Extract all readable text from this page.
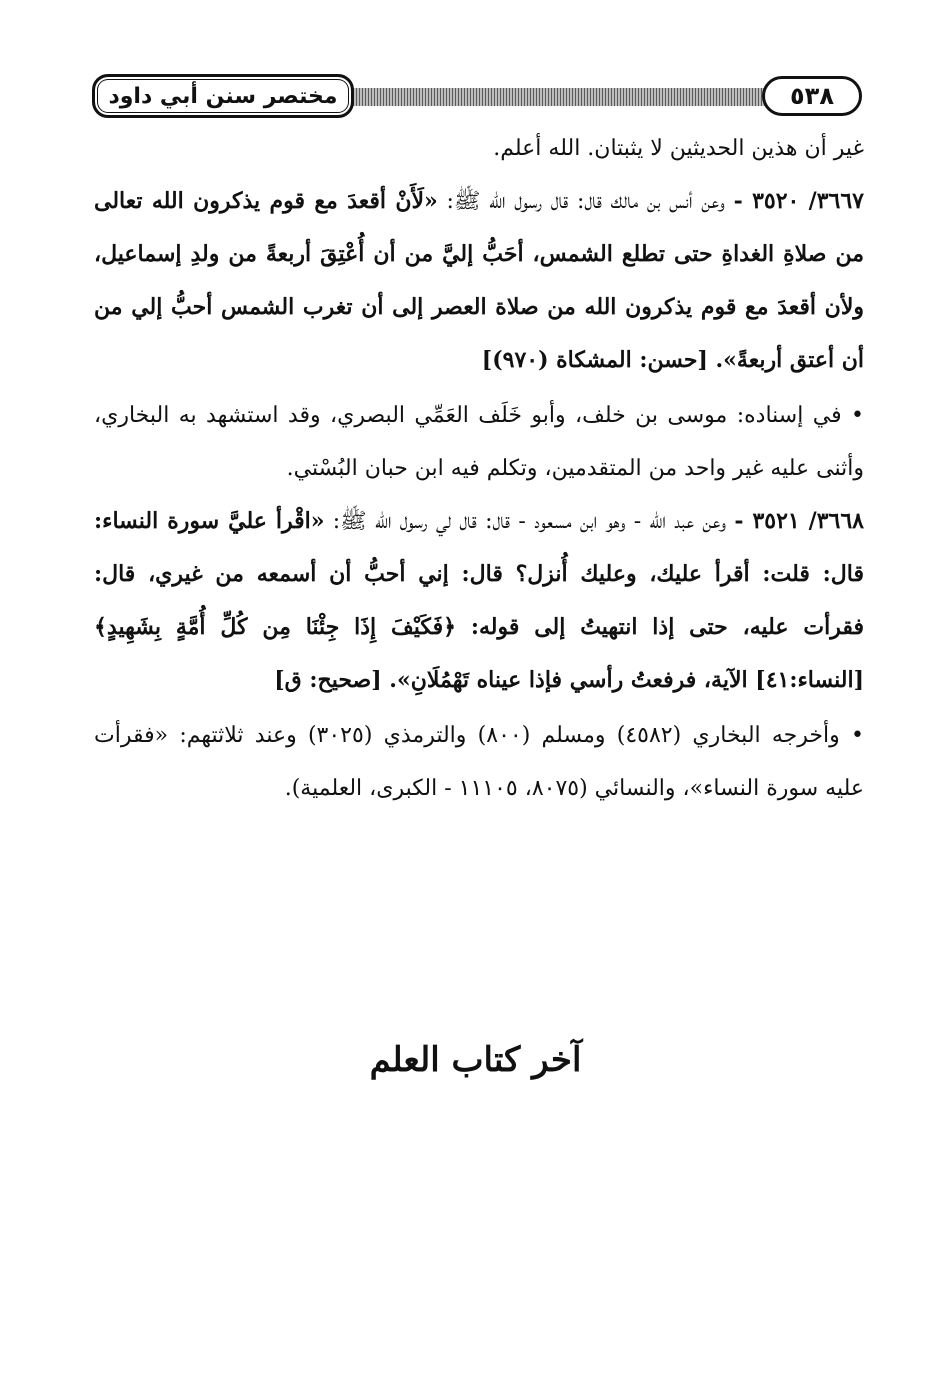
مختصر سنن أبي داود	٥٣٨

غير أن هذين الحديثين لا يثبتان. الله أعلم.

٣٦٦٧/ ٣٥٢٠ - وعن أنس بن مالك قال: قال رسول الله ﷺ: «لَأَنْ أقعدَ مع قوم يذكرون الله تعالى من صلاةِ الغداةِ حتى تطلع الشمس، أحَبُّ إليَّ من أن أُعْتِقَ أربعةً من ولدِ إسماعيل، ولأن أقعدَ مع قوم يذكرون الله من صلاة العصر إلى أن تغرب الشمس أحبُّ إلي من أن أعتق أربعةً». [حسن: المشكاة (٩٧٠)]

• في إسناده: موسى بن خلف، وأبو خَلَف العَمِّي البصري، وقد استشهد به البخاري، وأثنى عليه غير واحد من المتقدمين، وتكلم فيه ابن حبان البُسْتي.

٣٦٦٨/ ٣٥٢١ - وعن عبد الله - وهو ابن مسعود - قال: قال لي رسول الله ﷺ: «اقْرأ عليَّ سورة النساء: قال: قلت: أقرأ عليك، وعليك أُنزل؟ قال: إني أحبُّ أن أسمعه من غيري، قال: فقرأت عليه، حتى إذا انتهيتُ إلى قوله: ﴿فَكَيْفَ إِذَا جِئْنَا مِن كُلِّ أُمَّةٍ بِشَهِيدٍ﴾[النساء:٤١] الآية، فرفعتُ رأسي فإذا عيناه تَهْمُلَانِ». [صحيح: ق]

• وأخرجه البخاري (٤٥٨٢) ومسلم (٨٠٠) والترمذي (٣٠٢٥) وعند ثلاثتهم: «فقرأت عليه سورة النساء»، والنسائي (٨٠٧٥، ١١١٠٥ - الكبرى، العلمية).

آخر كتاب العلم
